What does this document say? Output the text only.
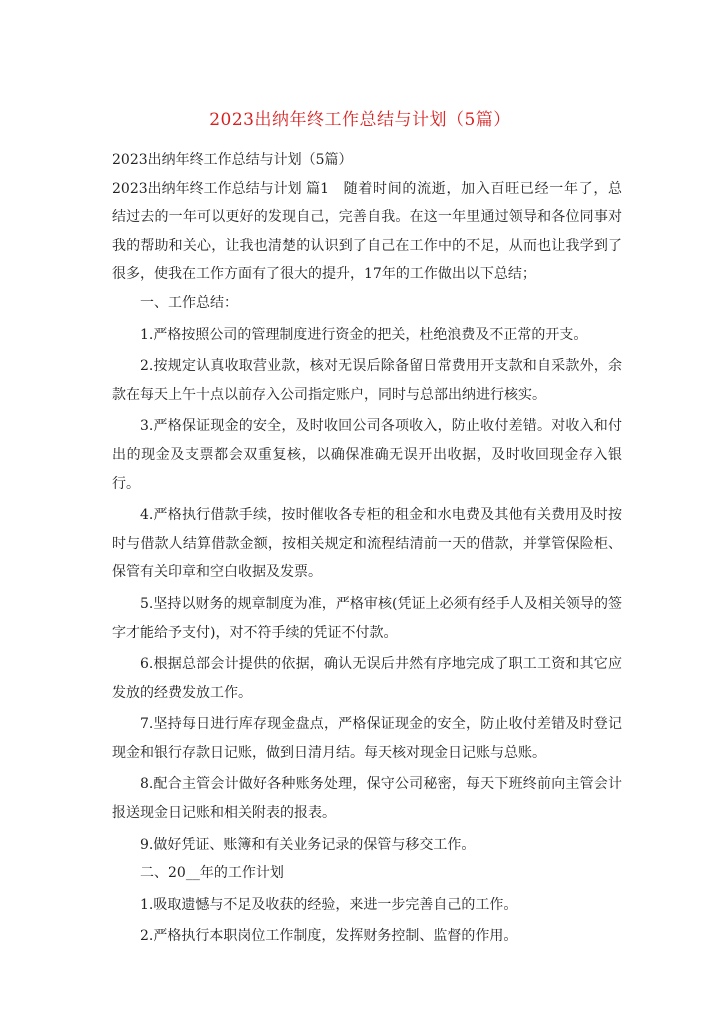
2023出纳年终工作总结与计划（5篇）

2023出纳年终工作总结与计划（5篇）

2023出纳年终工作总结与计划 篇1 随着时间的流逝，加入百旺已经一年了，总结过去的一年可以更好的发现自己，完善自我。在这一年里通过领导和各位同事对我的帮助和关心，让我也清楚的认识到了自己在工作中的不足，从而也让我学到了很多，使我在工作方面有了很大的提升，17年的工作做出以下总结；

一、工作总结：

1.严格按照公司的管理制度进行资金的把关，杜绝浪费及不正常的开支。

2.按规定认真收取营业款，核对无误后除备留日常费用开支款和自采款外，余款在每天上午十点以前存入公司指定账户，同时与总部出纳进行核实。

3.严格保证现金的安全，及时收回公司各项收入，防止收付差错。对收入和付出的现金及支票都会双重复核，以确保准确无误开出收据，及时收回现金存入银行。

4.严格执行借款手续，按时催收各专柜的租金和水电费及其他有关费用及时按时与借款人结算借款金额，按相关规定和流程结清前一天的借款，并掌管保险柜、保管有关印章和空白收据及发票。

5.坚持以财务的规章制度为准，严格审核(凭证上必须有经手人及相关领导的签字才能给予支付)，对不符手续的凭证不付款。

6.根据总部会计提供的依据，确认无误后井然有序地完成了职工工资和其它应发放的经费发放工作。

7.坚持每日进行库存现金盘点，严格保证现金的安全，防止收付差错及时登记现金和银行存款日记账，做到日清月结。每天核对现金日记账与总账。

8.配合主管会计做好各种账务处理，保守公司秘密，每天下班终前向主管会计报送现金日记账和相关附表的报表。

9.做好凭证、账簿和有关业务记录的保管与移交工作。

二、20__年的工作计划

1.吸取遗憾与不足及收获的经验，来进一步完善自己的工作。

2.严格执行本职岗位工作制度，发挥财务控制、监督的作用。
